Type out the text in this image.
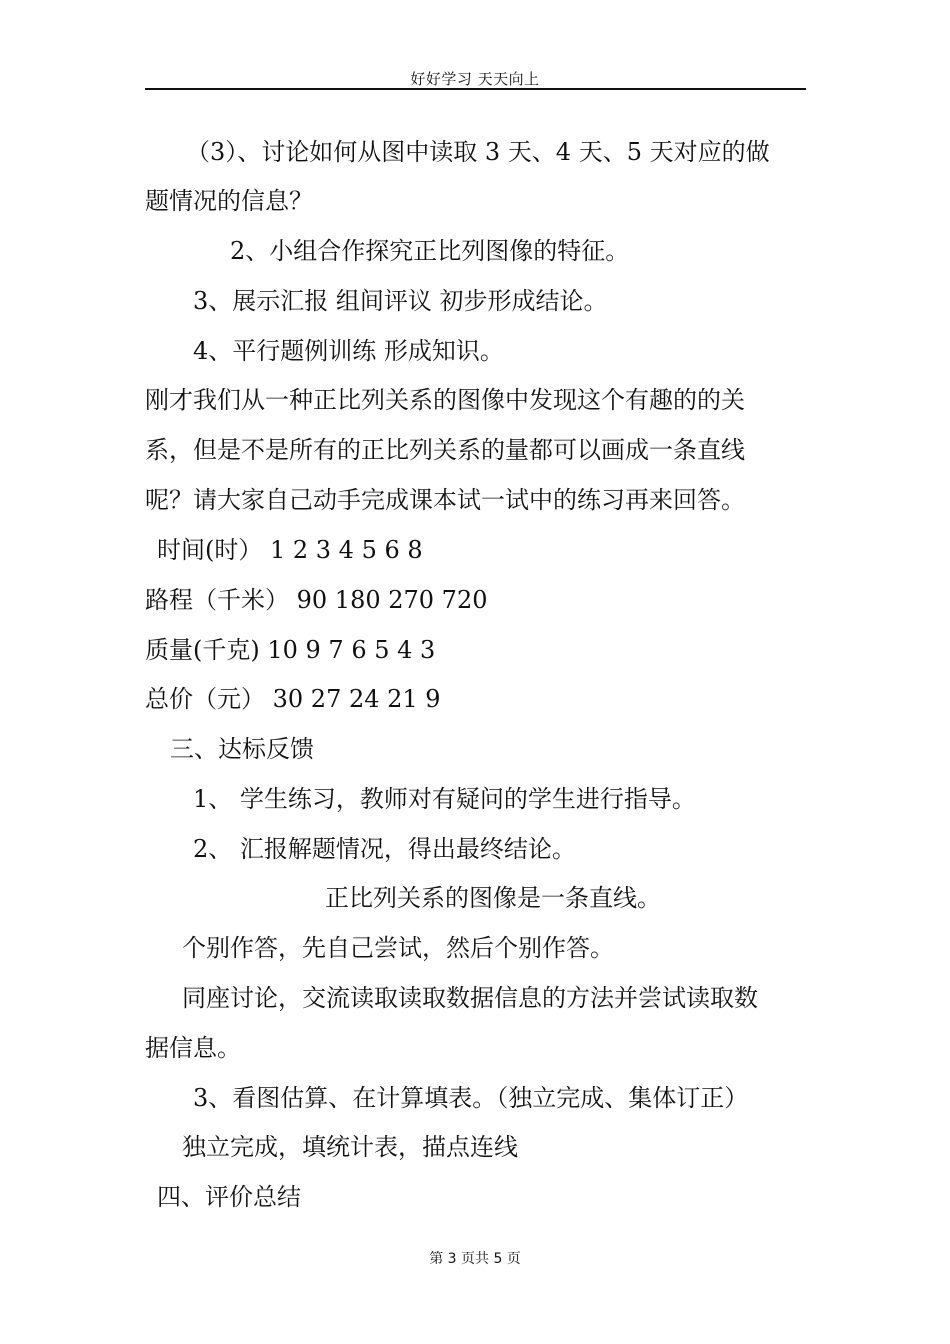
好好学习 天天向上
（3）、讨论如何从图中读取 3 天、4 天、5 天对应的做
题情况的信息？
2、小组合作探究正比列图像的特征。
3、展示汇报 组间评议 初步形成结论。
4、平行题例训练 形成知识。
刚才我们从一种正比列关系的图像中发现这个有趣的的关
系，但是不是所有的正比列关系的量都可以画成一条直线
呢？请大家自己动手完成课本试一试中的练习再来回答。
时间(时） 1 2 3 4 5 6 8
路程（千米） 90 180 270 720
质量(千克) 10 9 7 6 5 4 3
总价（元） 30 27 24 21 9
三、达标反馈
1、 学生练习，教师对有疑问的学生进行指导。
2、 汇报解题情况，得出最终结论。
正比列关系的图像是一条直线。
个别作答，先自己尝试，然后个别作答。
同座讨论，交流读取读取数据信息的方法并尝试读取数
据信息。
3、看图估算、在计算填表。（独立完成、集体订正）
独立完成，填统计表，描点连线
四、评价总结
第 3 页共 5 页
